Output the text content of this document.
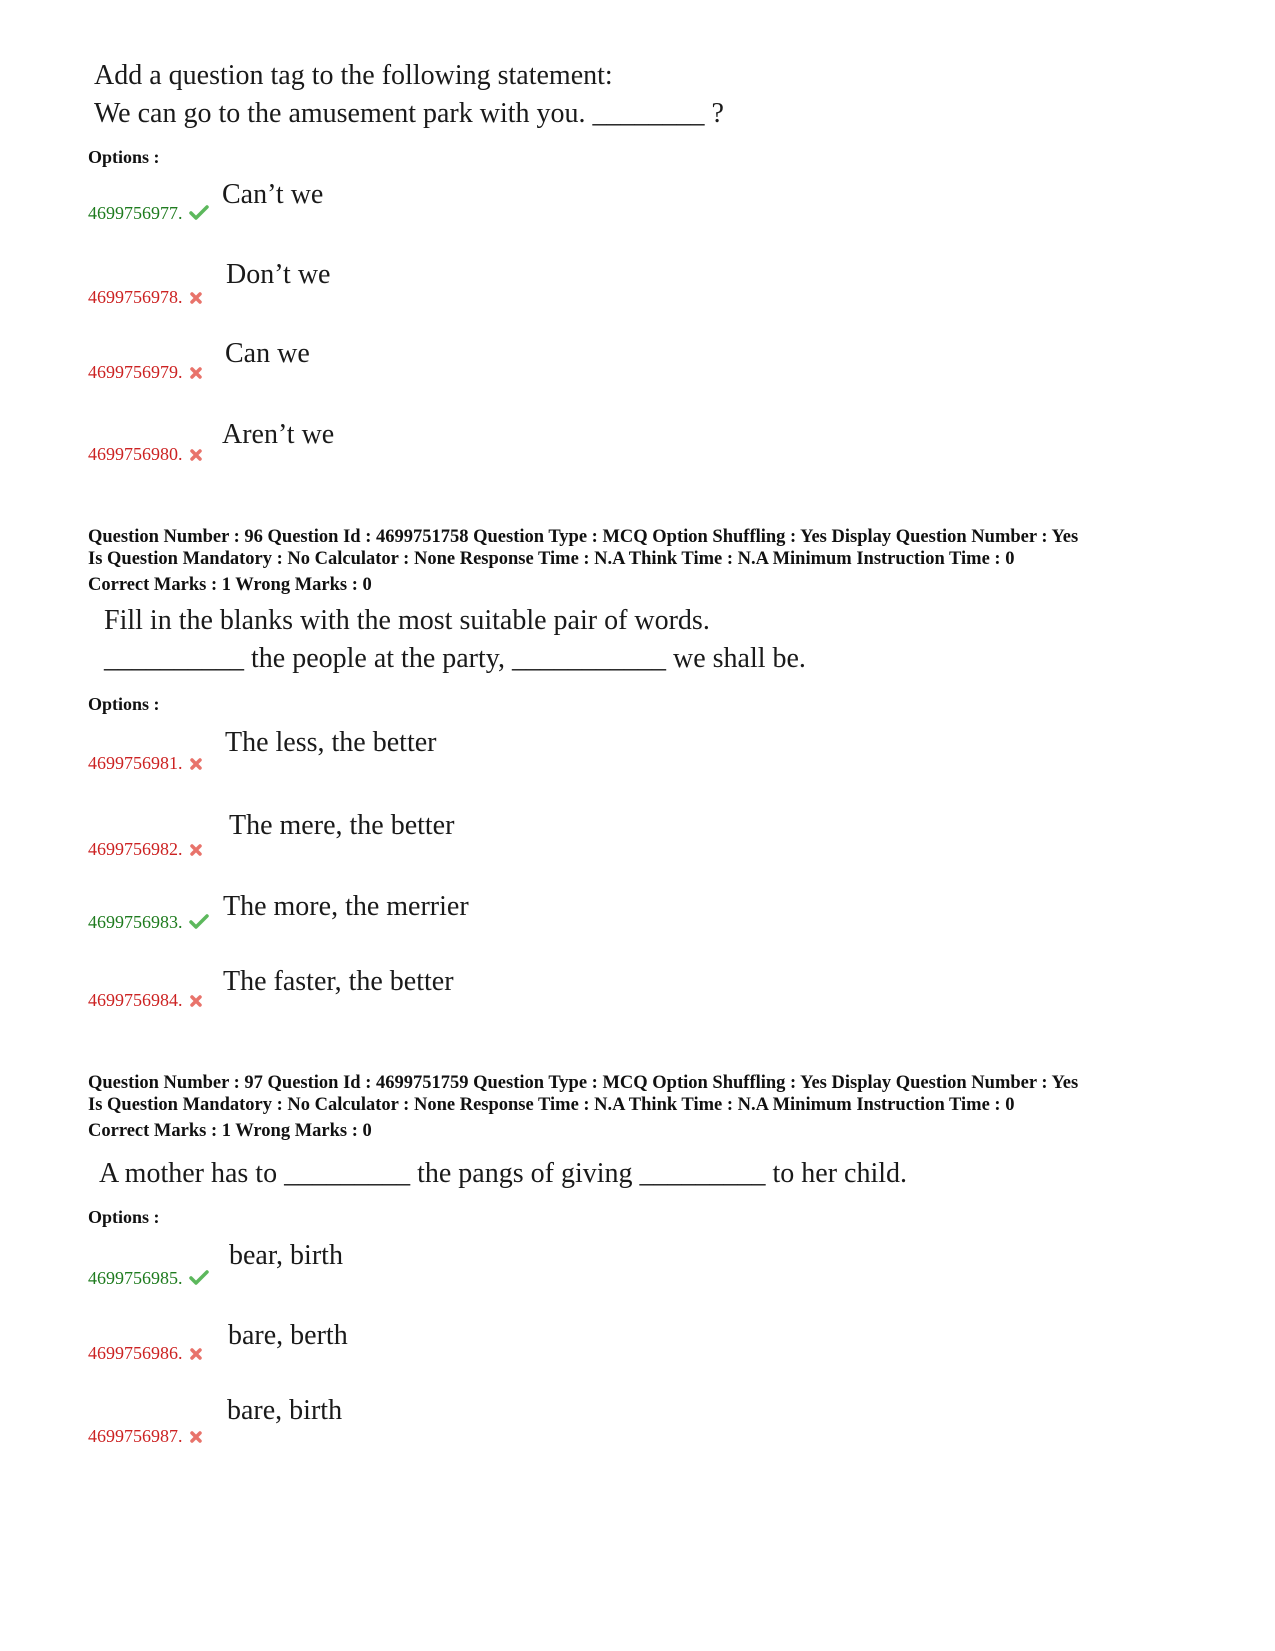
Add a question tag to the following statement:
We can go to the amusement park with you. ________ ?
Options :
4699756977.
Can’t we
4699756978.
Don’t we
4699756979.
Can we
4699756980.
Aren’t we
Question Number : 96 Question Id : 4699751758 Question Type : MCQ Option Shuffling : Yes Display Question Number : Yes
Is Question Mandatory : No Calculator : None Response Time : N.A Think Time : N.A Minimum Instruction Time : 0
Correct Marks : 1 Wrong Marks : 0
Fill in the blanks with the most suitable pair of words.
__________ the people at the party, ___________ we shall be.
Options :
4699756981.
The less, the better
4699756982.
The mere, the better
4699756983.	The more, the merrier
4699756984.
The faster, the better
Question Number : 97 Question Id : 4699751759 Question Type : MCQ Option Shuffling : Yes Display Question Number : Yes
Is Question Mandatory : No Calculator : None Response Time : N.A Think Time : N.A Minimum Instruction Time : 0
Correct Marks : 1 Wrong Marks : 0
A mother has to _________ the pangs of giving _________ to her child.
Options :
4699756985.
bear, birth
4699756986.
bare, berth
4699756987.
bare, birth
